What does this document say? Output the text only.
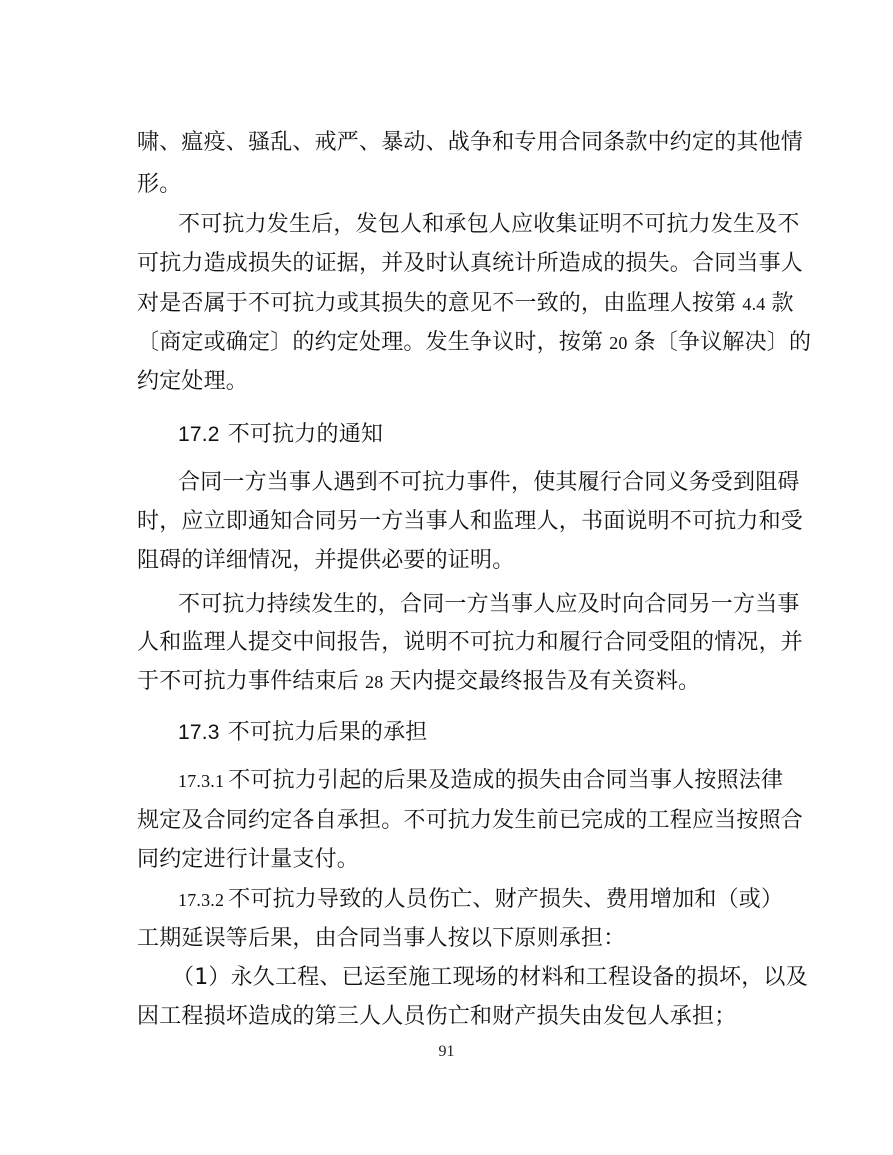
啸、瘟疫、骚乱、戒严、暴动、战争和专用合同条款中约定的其他情
形。
不可抗力发生后，发包人和承包人应收集证明不可抗力发生及不
可抗力造成损失的证据，并及时认真统计所造成的损失。合同当事人
对是否属于不可抗力或其损失的意见不一致的，由监理人按第 4.4 款
〔商定或确定〕的约定处理。发生争议时，按第 20 条〔争议解决〕的
约定处理。
17.2 不可抗力的通知
合同一方当事人遇到不可抗力事件，使其履行合同义务受到阻碍
时，应立即通知合同另一方当事人和监理人，书面说明不可抗力和受
阻碍的详细情况，并提供必要的证明。
不可抗力持续发生的，合同一方当事人应及时向合同另一方当事
人和监理人提交中间报告，说明不可抗力和履行合同受阻的情况，并
于不可抗力事件结束后 28 天内提交最终报告及有关资料。
17.3 不可抗力后果的承担
17.3.1 不可抗力引起的后果及造成的损失由合同当事人按照法律
规定及合同约定各自承担。不可抗力发生前已完成的工程应当按照合
同约定进行计量支付。
17.3.2 不可抗力导致的人员伤亡、财产损失、费用增加和（或）
工期延误等后果，由合同当事人按以下原则承担：
（1）永久工程、已运至施工现场的材料和工程设备的损坏，以及
因工程损坏造成的第三人人员伤亡和财产损失由发包人承担；
91
